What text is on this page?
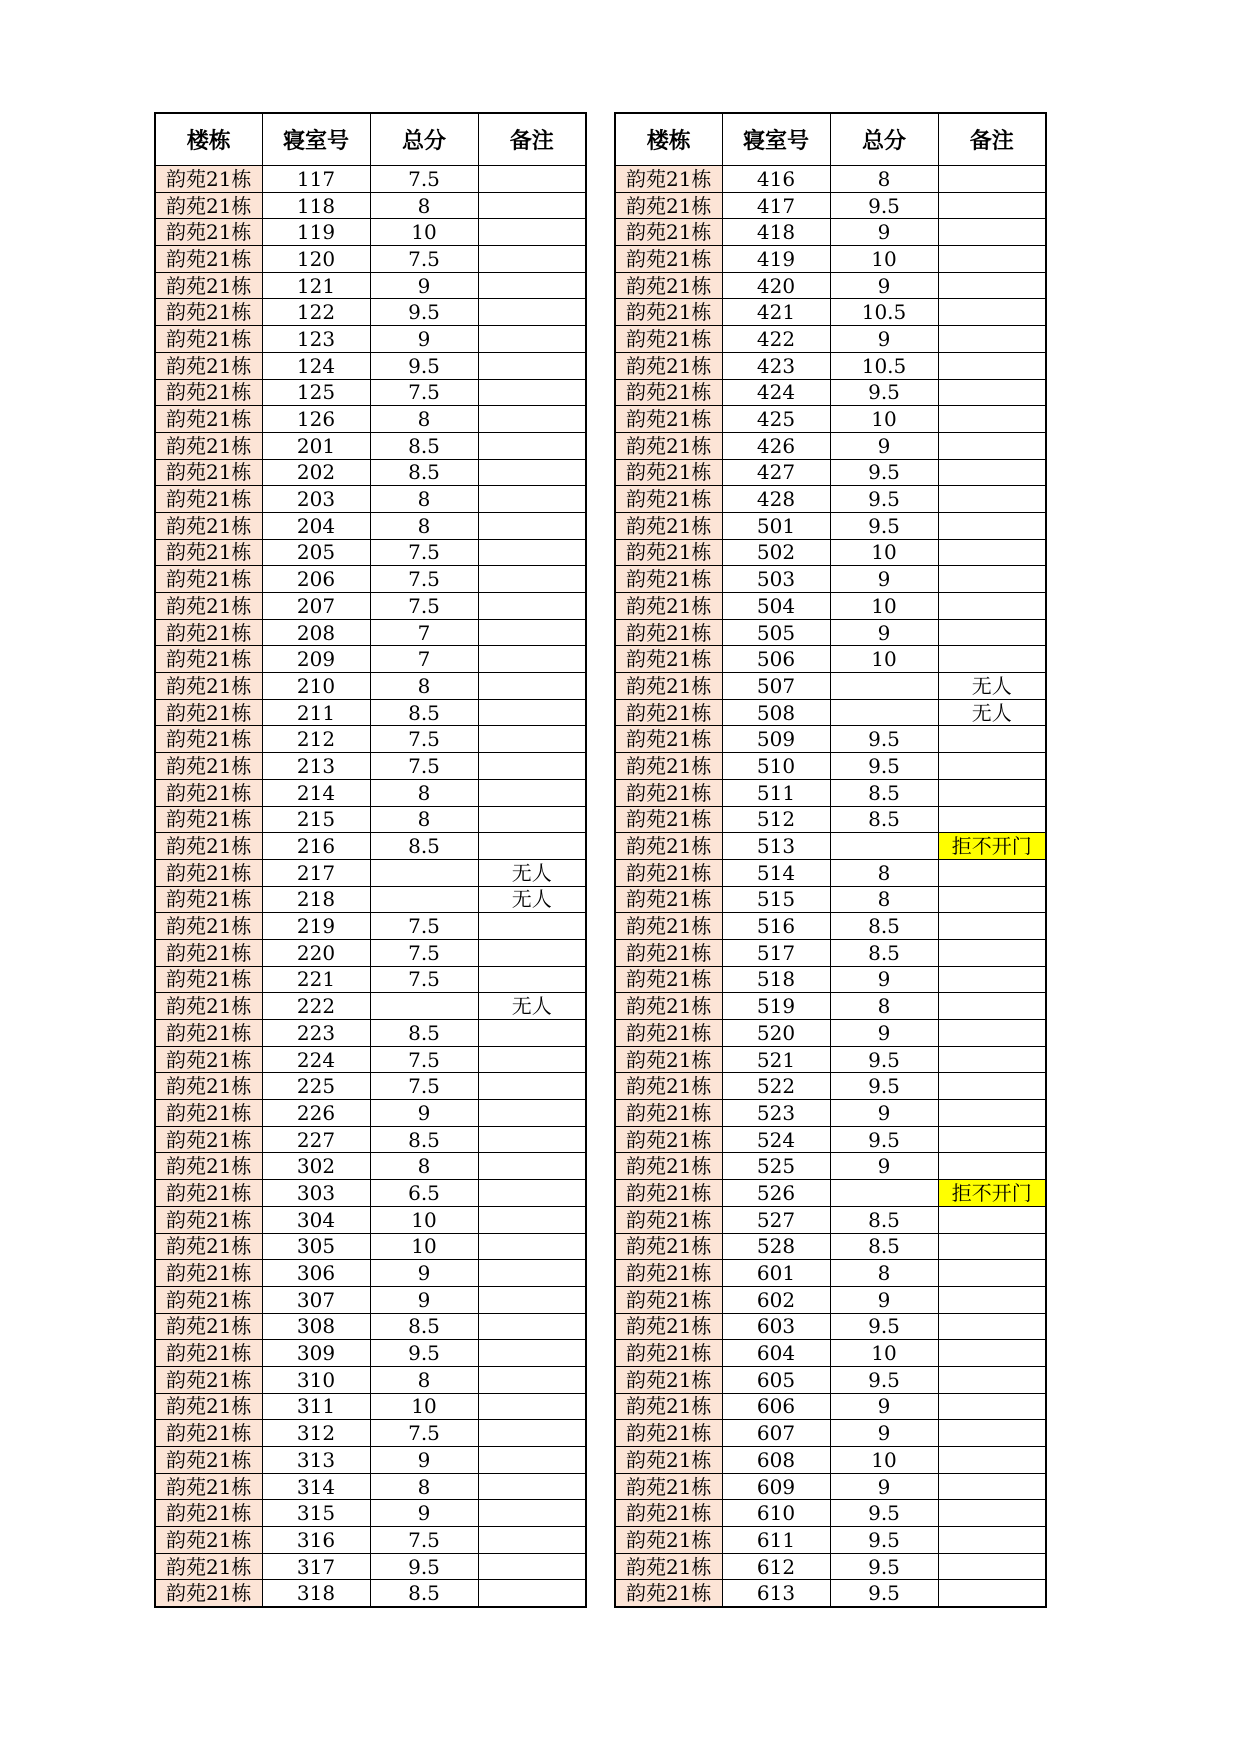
楼栋	寝室号	总分	备注
韵苑21栋	117	7.5	
韵苑21栋	118	8	
韵苑21栋	119	10	
韵苑21栋	120	7.5	
韵苑21栋	121	9	
韵苑21栋	122	9.5	
韵苑21栋	123	9	
韵苑21栋	124	9.5	
韵苑21栋	125	7.5	
韵苑21栋	126	8	
韵苑21栋	201	8.5	
韵苑21栋	202	8.5	
韵苑21栋	203	8	
韵苑21栋	204	8	
韵苑21栋	205	7.5	
韵苑21栋	206	7.5	
韵苑21栋	207	7.5	
韵苑21栋	208	7	
韵苑21栋	209	7	
韵苑21栋	210	8	
韵苑21栋	211	8.5	
韵苑21栋	212	7.5	
韵苑21栋	213	7.5	
韵苑21栋	214	8	
韵苑21栋	215	8	
韵苑21栋	216	8.5	
韵苑21栋	217		无人
韵苑21栋	218		无人
韵苑21栋	219	7.5	
韵苑21栋	220	7.5	
韵苑21栋	221	7.5	
韵苑21栋	222		无人
韵苑21栋	223	8.5	
韵苑21栋	224	7.5	
韵苑21栋	225	7.5	
韵苑21栋	226	9	
韵苑21栋	227	8.5	
韵苑21栋	302	8	
韵苑21栋	303	6.5	
韵苑21栋	304	10	
韵苑21栋	305	10	
韵苑21栋	306	9	
韵苑21栋	307	9	
韵苑21栋	308	8.5	
韵苑21栋	309	9.5	
韵苑21栋	310	8	
韵苑21栋	311	10	
韵苑21栋	312	7.5	
韵苑21栋	313	9	
韵苑21栋	314	8	
韵苑21栋	315	9	
韵苑21栋	316	7.5	
韵苑21栋	317	9.5	
韵苑21栋	318	8.5	
楼栋	寝室号	总分	备注
韵苑21栋	416	8	
韵苑21栋	417	9.5	
韵苑21栋	418	9	
韵苑21栋	419	10	
韵苑21栋	420	9	
韵苑21栋	421	10.5	
韵苑21栋	422	9	
韵苑21栋	423	10.5	
韵苑21栋	424	9.5	
韵苑21栋	425	10	
韵苑21栋	426	9	
韵苑21栋	427	9.5	
韵苑21栋	428	9.5	
韵苑21栋	501	9.5	
韵苑21栋	502	10	
韵苑21栋	503	9	
韵苑21栋	504	10	
韵苑21栋	505	9	
韵苑21栋	506	10	
韵苑21栋	507		无人
韵苑21栋	508		无人
韵苑21栋	509	9.5	
韵苑21栋	510	9.5	
韵苑21栋	511	8.5	
韵苑21栋	512	8.5	
韵苑21栋	513		拒不开门
韵苑21栋	514	8	
韵苑21栋	515	8	
韵苑21栋	516	8.5	
韵苑21栋	517	8.5	
韵苑21栋	518	9	
韵苑21栋	519	8	
韵苑21栋	520	9	
韵苑21栋	521	9.5	
韵苑21栋	522	9.5	
韵苑21栋	523	9	
韵苑21栋	524	9.5	
韵苑21栋	525	9	
韵苑21栋	526		拒不开门
韵苑21栋	527	8.5	
韵苑21栋	528	8.5	
韵苑21栋	601	8	
韵苑21栋	602	9	
韵苑21栋	603	9.5	
韵苑21栋	604	10	
韵苑21栋	605	9.5	
韵苑21栋	606	9	
韵苑21栋	607	9	
韵苑21栋	608	10	
韵苑21栋	609	9	
韵苑21栋	610	9.5	
韵苑21栋	611	9.5	
韵苑21栋	612	9.5	
韵苑21栋	613	9.5	
